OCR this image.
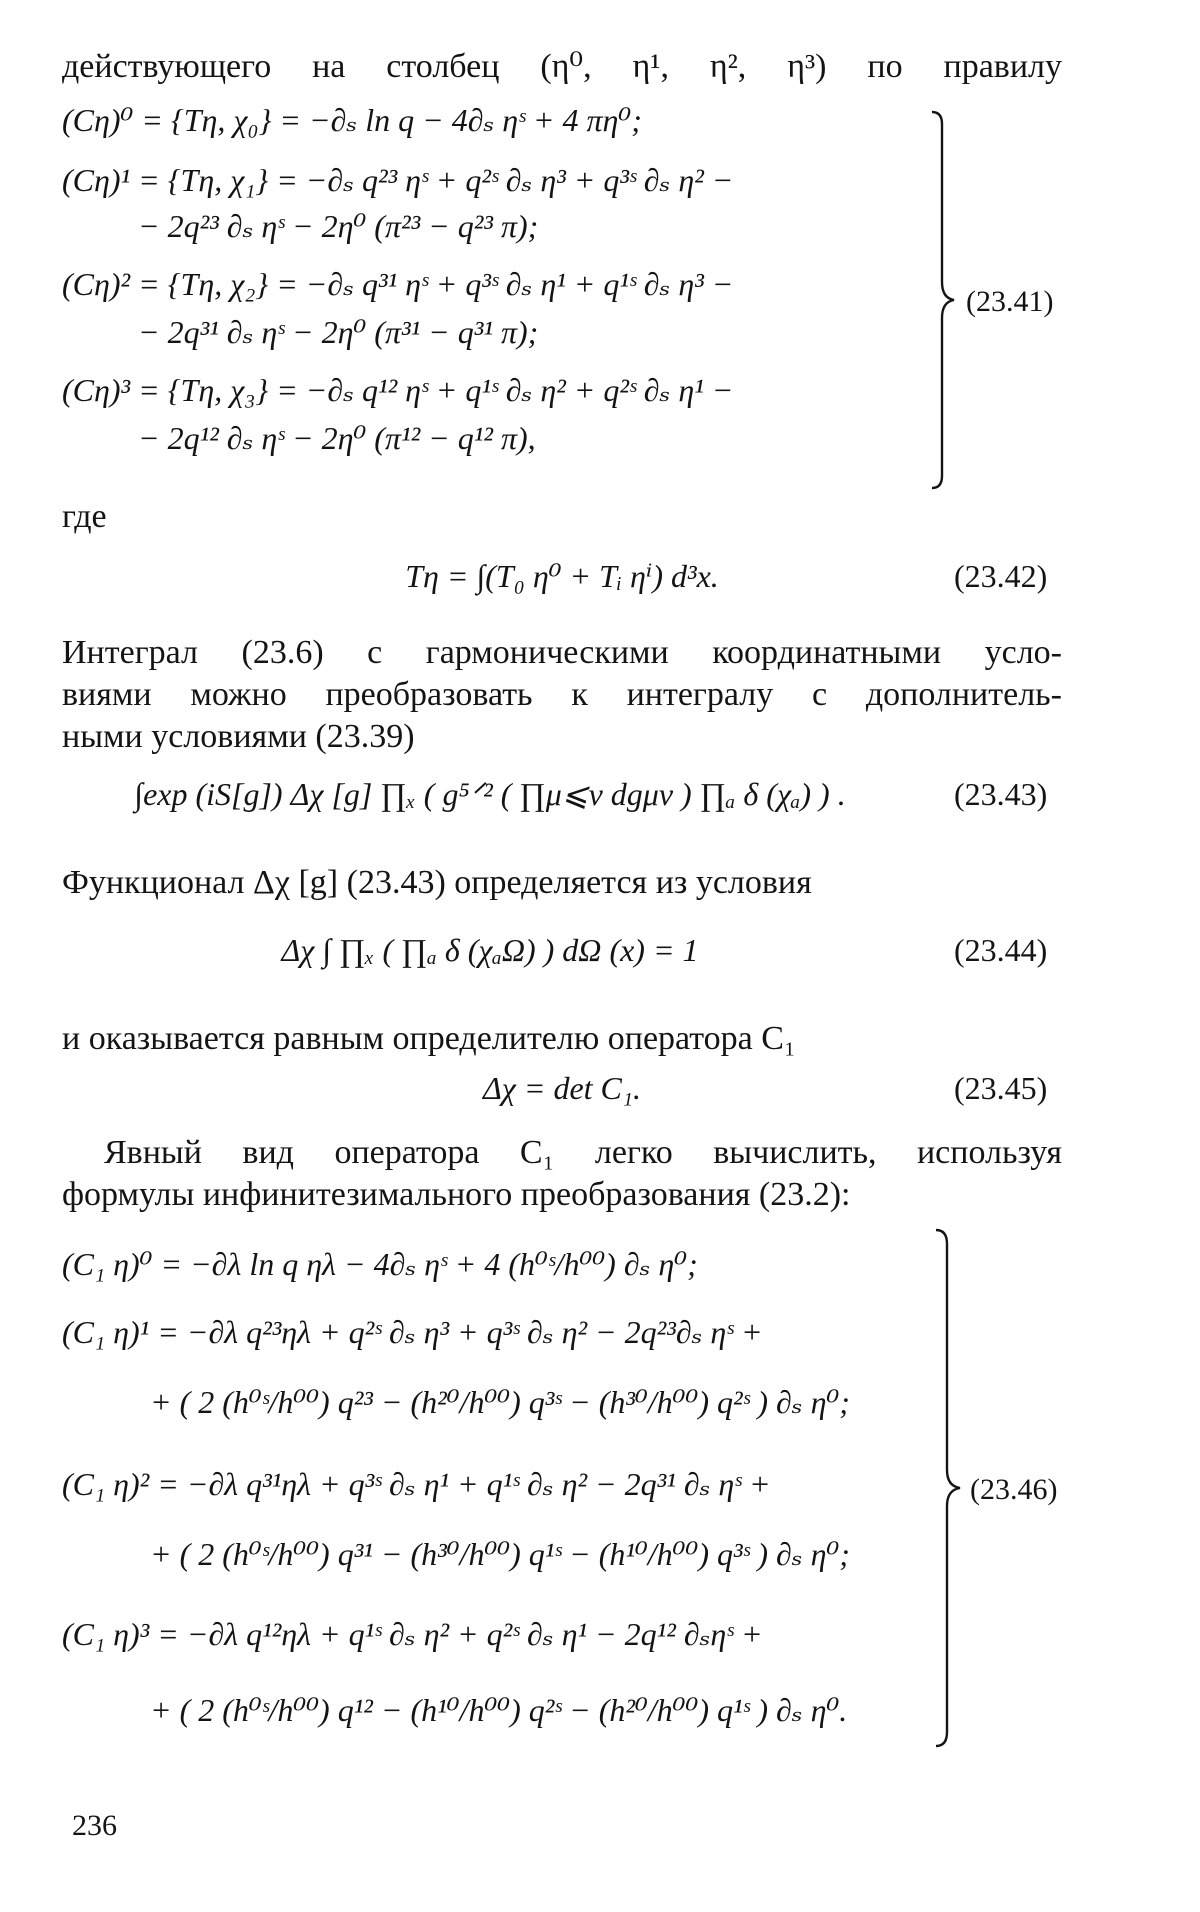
действующего на столбец (η⁰, η¹, η², η³) по правилу
(Cη)⁰ = {Tη, χ₀} = −∂ₛ ln q − 4∂ₛ ηˢ + 4 πη⁰;
(Cη)¹ = {Tη, χ₁} = −∂ₛ q²³ ηˢ + q²ˢ ∂ₛ η³ + q³ˢ ∂ₛ η² −
− 2q²³ ∂ₛ ηˢ − 2η⁰ (π²³ − q²³ π);
(Cη)² = {Tη, χ₂} = −∂ₛ q³¹ ηˢ + q³ˢ ∂ₛ η¹ + q¹ˢ ∂ₛ η³ −
− 2q³¹ ∂ₛ ηˢ − 2η⁰ (π³¹ − q³¹ π);
(Cη)³ = {Tη, χ₃} = −∂ₛ q¹² ηˢ + q¹ˢ ∂ₛ η² + q²ˢ ∂ₛ η¹ −
− 2q¹² ∂ₛ ηˢ − 2η⁰ (π¹² − q¹² π),
(23.41)
где
Tη = ∫(T₀ η⁰ + Tᵢ ηⁱ) d³x.	(23.42)
Интеграл (23.6) с гармоническими координатными усло-
виями можно преобразовать к интегралу с дополнитель-
ными условиями (23.39)
∫exp (iS[g]) Δχ [g] ∏ₓ ( g⁵ᐟ² ( ∏μ⩽ν dgμν ) ∏ₐ δ (χₐ) ) .	(23.43)
Функционал Δχ [g] (23.43) определяется из условия
Δχ ∫ ∏ₓ ( ∏ₐ δ (χₐΩ) ) dΩ (x) = 1	(23.44)
и оказывается равным определителю оператора C₁
Δχ = det C₁.	(23.45)
Явный вид оператора C₁ легко вычислить, используя
формулы инфинитезимального преобразования (23.2):
(C₁ η)⁰ = −∂λ ln q ηλ − 4∂ₛ ηˢ + 4 (h⁰ˢ/h⁰⁰) ∂ₛ η⁰;
(C₁ η)¹ = −∂λ q²³ηλ + q²ˢ ∂ₛ η³ + q³ˢ ∂ₛ η² − 2q²³∂ₛ ηˢ +
+ ( 2 (h⁰ˢ/h⁰⁰) q²³ − (h²⁰/h⁰⁰) q³ˢ − (h³⁰/h⁰⁰) q²ˢ ) ∂ₛ η⁰;
(C₁ η)² = −∂λ q³¹ηλ + q³ˢ ∂ₛ η¹ + q¹ˢ ∂ₛ η² − 2q³¹ ∂ₛ ηˢ +
+ ( 2 (h⁰ˢ/h⁰⁰) q³¹ − (h³⁰/h⁰⁰) q¹ˢ − (h¹⁰/h⁰⁰) q³ˢ ) ∂ₛ η⁰;
(C₁ η)³ = −∂λ q¹²ηλ + q¹ˢ ∂ₛ η² + q²ˢ ∂ₛ η¹ − 2q¹² ∂ₛηˢ +
+ ( 2 (h⁰ˢ/h⁰⁰) q¹² − (h¹⁰/h⁰⁰) q²ˢ − (h²⁰/h⁰⁰) q¹ˢ ) ∂ₛ η⁰.
(23.46)
236
